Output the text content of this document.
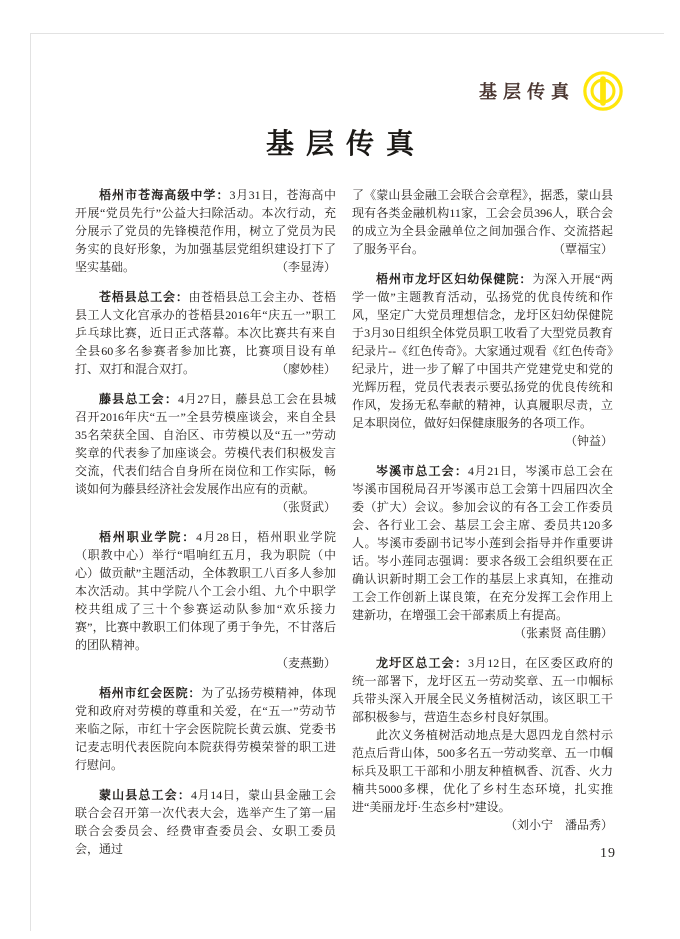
基层传真
基层传真

梧州市苍海高级中学：3月31日，苍海高中开展“党员先行”公益大扫除活动。本次行动，充分展示了党员的先锋模范作用，树立了党员为民务实的良好形象，为加强基层党组织建设打下了坚实基础。	（李显涛）

苍梧县总工会：由苍梧县总工会主办、苍梧县工人文化宫承办的苍梧县2016年“庆五一”职工乒乓球比赛，近日正式落幕。本次比赛共有来自全县60多名参赛者参加比赛，比赛项目设有单打、双打和混合双打。	（廖妙桂）

藤县总工会：4月27日，藤县总工会在县城召开2016年庆“五一”全县劳模座谈会，来自全县35名荣获全国、自治区、市劳模以及“五一”劳动奖章的代表参了加座谈会。劳模代表们积极发言交流，代表们结合自身所在岗位和工作实际，畅谈如何为藤县经济社会发展作出应有的贡献。

（张贤武）

梧州职业学院：4月28日，梧州职业学院（职教中心）举行“唱响红五月，我为职院（中心）做贡献”主题活动，全体教职工八百多人参加本次活动。其中学院八个工会小组、九个中职学校共组成了三十个参赛运动队参加“欢乐接力赛”，比赛中教职工们体现了勇于争先，不甘落后的团队精神。

（麦燕勤）

梧州市红会医院：为了弘扬劳模精神，体现党和政府对劳模的尊重和关爱，在“五一”劳动节来临之际，市红十字会医院院长黄云旗、党委书记麦志明代表医院向本院获得劳模荣誉的职工进行慰问。

蒙山县总工会：4月14日，蒙山县金融工会联合会召开第一次代表大会，选举产生了第一届联合会委员会、经费审查委员会、女职工委员会，通过

了《蒙山县金融工会联合会章程》，据悉，蒙山县现有各类金融机构11家，工会会员396人，联合会的成立为全县金融单位之间加强合作、交流搭起了服务平台。	（覃福宝）

梧州市龙圩区妇幼保健院：为深入开展“两学一做”主题教育活动，弘扬党的优良传统和作风，坚定广大党员理想信念，龙圩区妇幼保健院于3月30日组织全体党员职工收看了大型党员教育纪录片--《红色传奇》。大家通过观看《红色传奇》纪录片，进一步了解了中国共产党建党史和党的光辉历程，党员代表表示要弘扬党的优良传统和作风，发扬无私奉献的精神，认真履职尽责，立足本职岗位，做好妇保健康服务的各项工作。
（钟益）

岑溪市总工会：4月21日，岑溪市总工会在岑溪市国税局召开岑溪市总工会第十四届四次全委（扩大）会议。参加会议的有各工会工作委员会、各行业工会、基层工会主席、委员共120多人。岑溪市委副书记岑小莲到会指导并作重要讲话。岑小莲同志强调：要求各级工会组织要在正确认识新时期工会工作的基层上求真知，在推动工会工作创新上谋良策，在充分发挥工会作用上建新功，在增强工会干部素质上有提高。

（张素贤 高佳鹏）

龙圩区总工会：3月12日，在区委区政府的统一部署下，龙圩区五一劳动奖章、五一巾帼标兵带头深入开展全民义务植树活动，该区职工干部积极参与，营造生态乡村良好氛围。

此次义务植树活动地点是大恩四龙自然村示范点后背山体，500多名五一劳动奖章、五一巾帼标兵及职工干部和小朋友种植枫香、沉香、火力楠共5000多棵，优化了乡村生态环境，扎实推进“美丽龙圩·生态乡村”建设。

（刘小宁　潘品秀）

19
